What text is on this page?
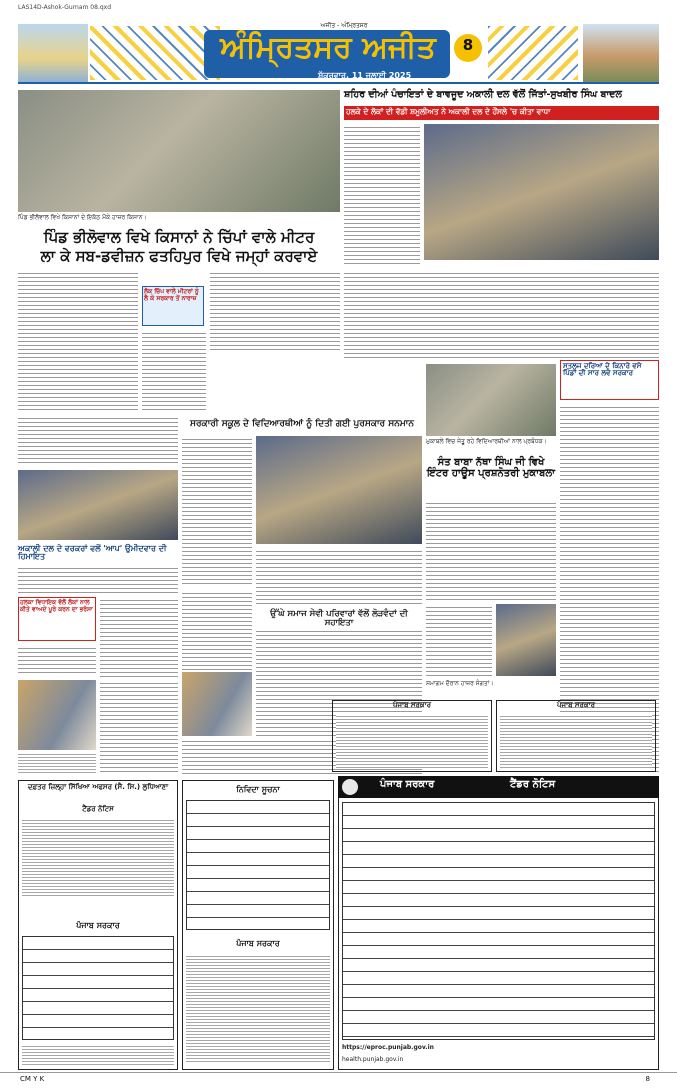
LAS14D-Ashok-Gurnam 08.qxd
ਅੰਮ੍ਰਿਤਸਰ ਅਜੀਤ
ਅਜੀਤ - ਅੰਮ੍ਰਿਤਸਰ
ਸ਼ੁੱਕਰਵਾਰ, 11 ਜੁਲਾਈ 2025
8
ਪਿੰਡ ਭੀਲੋਵਾਲ ਵਿਖੇ ਕਿਸਾਨਾਂ ਦੇ ਇਕੱਠ ਮੌਕੇ ਹਾਜ਼ਰ ਕਿਸਾਨ।
ਪਿੰਡ ਭੀਲੋਵਾਲ ਵਿਖੇ ਕਿਸਾਨਾਂ ਨੇ ਚਿੱਪਾਂ ਵਾਲੇ ਮੀਟਰ
ਲਾ ਕੇ ਸਬ-ਡਵੀਜ਼ਨ ਫਤਹਿਪੁਰ ਵਿਖੇ ਜਮ੍ਹਾਂ ਕਰਵਾਏ
ਲੋਕ ਚਿੱਪ ਵਾਲੇ ਮੀਟਰਾਂ ਨੂੰ ਲੈ ਕੇ ਸਰਕਾਰ ਤੋਂ ਨਾਰਾਜ਼
ਅਕਾਲੀ ਦਲ ਦੇ ਵਰਕਰਾਂ ਵਲੋਂ 'ਆਪ' ਉਮੀਦਵਾਰ ਦੀ ਹਿਮਾਇਤ
ਹਲਕਾ ਵਿਧਾਇਕ ਵੱਲੋਂ ਲੋਕਾਂ ਨਾਲ ਕੀਤੇ ਵਾਅਦੇ ਪੂਰੇ ਕਰਨ ਦਾ ਭਰੋਸਾ
ਸਰਕਾਰੀ ਸਕੂਲ ਦੇ ਵਿਦਿਆਰਥੀਆਂ ਨੂੰ ਦਿਤੀ ਗਈ ਪੁਰਸਕਾਰ ਸਨਮਾਨ
ਉੱਘੇ ਸਮਾਜ ਸੇਵੀ ਪਰਿਵਾਰਾਂ ਵੱਲੋਂ ਲੋੜਵੰਦਾਂ ਦੀ ਸਹਾਇਤਾ
ਸ਼ਹਿਰ ਦੀਆਂ ਪੰਚਾਇਤਾਂ ਦੇ ਬਾਵਜੂਦ ਅਕਾਲੀ ਦਲ ਵੱਲੋਂ ਜਿੱਤਾਂ-ਸੁਖਬੀਰ ਸਿੰਘ ਬਾਦਲ
ਹਲਕੇ ਦੇ ਲੋਕਾਂ ਦੀ ਵੱਡੀ ਸ਼ਮੂਲੀਅਤ ਨੇ ਅਕਾਲੀ ਦਲ ਦੇ ਹੌਂਸਲੇ 'ਚ ਕੀਤਾ ਵਾਧਾ
ਸਤਲੁਜ ਦਰਿਆ ਦੇ ਕਿਨਾਰੇ ਵਸੇ ਪਿੰਡਾਂ ਦੀ ਸਾਰ ਲਵੇ ਸਰਕਾਰ
ਮੁਕਾਬਲੇ ਵਿਚ ਜੇਤੂ ਰਹੇ ਵਿਦਿਆਰਥੀਆਂ ਨਾਲ ਪ੍ਰਬੰਧਕ।
ਸੰਤ ਬਾਬਾ ਨੱਥਾ ਸਿੰਘ ਜੀ ਵਿਖੇ ਇੰਟਰ ਹਾਊਸ ਪ੍ਰਸ਼ਨੋਤਰੀ ਮੁਕਾਬਲਾ
ਸਮਾਗਮ ਦੌਰਾਨ ਹਾਜ਼ਰ ਸੰਗਤਾਂ।
ਪੰਜਾਬ ਸਰਕਾਰ
ਪੰਜਾਬ ਸਰਕਾਰ
ਦਫ਼ਤਰ ਜ਼ਿਲ੍ਹਾ ਸਿੱਖਿਆ ਅਫਸਰ (ਸੈ. ਸਿ.) ਲੁਧਿਆਣਾ
ਟੈਂਡਰ ਨੋਟਿਸ
ਪੰਜਾਬ ਸਰਕਾਰ
ਨਿਵਿਦਾ ਸੂਚਨਾ
ਪੰਜਾਬ ਸਰਕਾਰ
ਪੰਜਾਬ ਸਰਕਾਰ	ਟੈਂਡਰ ਨੋਟਿਸ
https://eproc.punjab.gov.in
health.punjab.gov.in
CM Y K	8
